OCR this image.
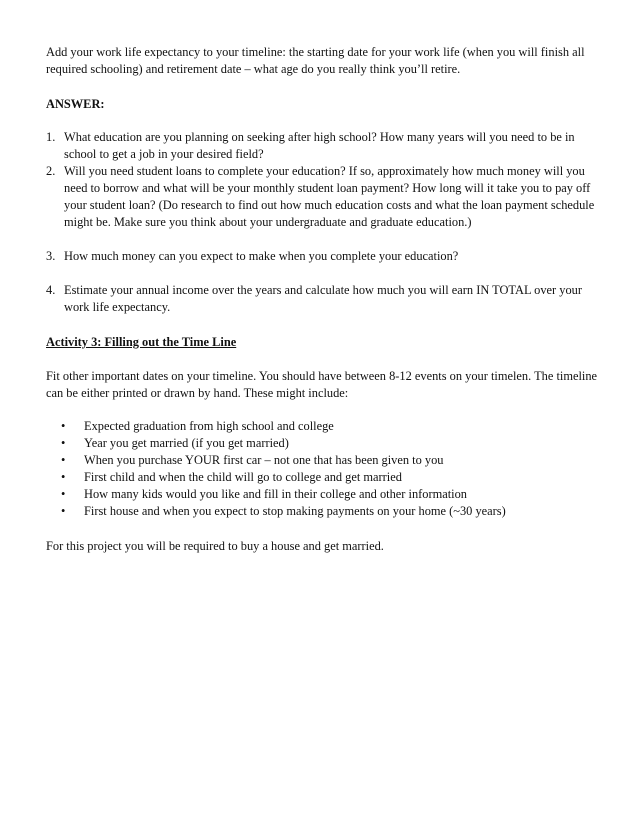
Add your work life expectancy to your timeline: the starting date for your work life (when you will finish all required schooling) and retirement date – what age do you really think you’ll retire.

ANSWER:

1. What education are you planning on seeking after high school? How many years will you need to be in school to get a job in your desired field?
2. Will you need student loans to complete your education? If so, approximately how much money will you need to borrow and what will be your monthly student loan payment? How long will it take you to pay off your student loan? (Do research to find out how much education costs and what the loan payment schedule might be. Make sure you think about your undergraduate and graduate education.)
3. How much money can you expect to make when you complete your education?
4. Estimate your annual income over the years and calculate how much you will earn IN TOTAL over your work life expectancy.

Activity 3: Filling out the Time Line

Fit other important dates on your timeline. You should have between 8-12 events on your timelen. The timeline can be either printed or drawn by hand. These might include:

• Expected graduation from high school and college
• Year you get married (if you get married)
• When you purchase YOUR first car – not one that has been given to you
• First child and when the child will go to college and get married
• How many kids would you like and fill in their college and other information
• First house and when you expect to stop making payments on your home (~30 years)

For this project you will be required to buy a house and get married.
